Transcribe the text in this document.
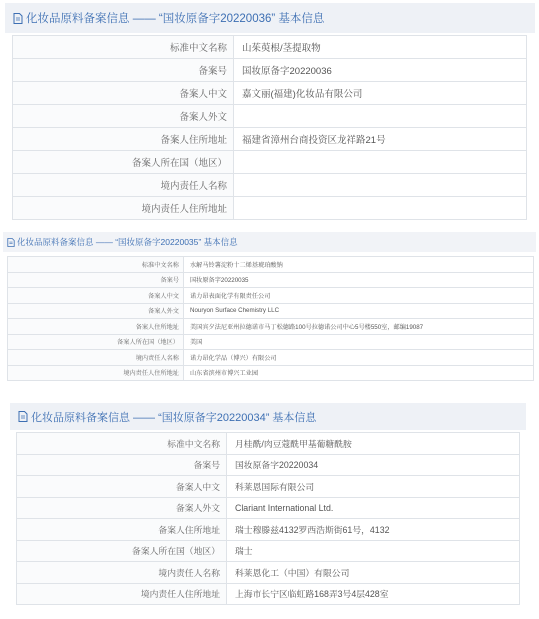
化妆品原料备案信息 —— “国妆原备字20220036” 基本信息
标准中文名称	山茱萸根/茎提取物
备案号	国妆原备字20220036
备案人中文	嘉文丽(福建)化妆品有限公司
备案人外文	
备案人住所地址	福建省漳州台商投资区龙祥路21号
备案人所在国（地区）	
境内责任人名称	
境内责任人住所地址	
化妆品原料备案信息 —— “国妆原备字20220035” 基本信息
标准中文名称	水解马铃薯淀粉十二烯基琥珀酸钠
备案号	国妆原备字20220035
备案人中文	诺力昂表面化学有限责任公司
备案人外文	Nouryon Surface Chemistry LLC
备案人住所地址	美国宾夕法尼亚州拉德诺市马丁松德路100号拉德诺公司中心5号楼550室，邮编19087
备案人所在国（地区）	美国
境内责任人名称	诺力昂化学品（博兴）有限公司
境内责任人住所地址	山东省滨州市博兴工业园
化妆品原料备案信息 —— “国妆原备字20220034” 基本信息
标准中文名称	月桂酰/肉豆蔻酰甲基葡糖酰胺
备案号	国妆原备字20220034
备案人中文	科莱恩国际有限公司
备案人外文	Clariant International Ltd.
备案人住所地址	瑞士穆滕兹4132罗西浩斯街61号，4132
备案人所在国（地区）	瑞士
境内责任人名称	科莱恩化工（中国）有限公司
境内责任人住所地址	上海市长宁区临虹路168弄3号4层428室
